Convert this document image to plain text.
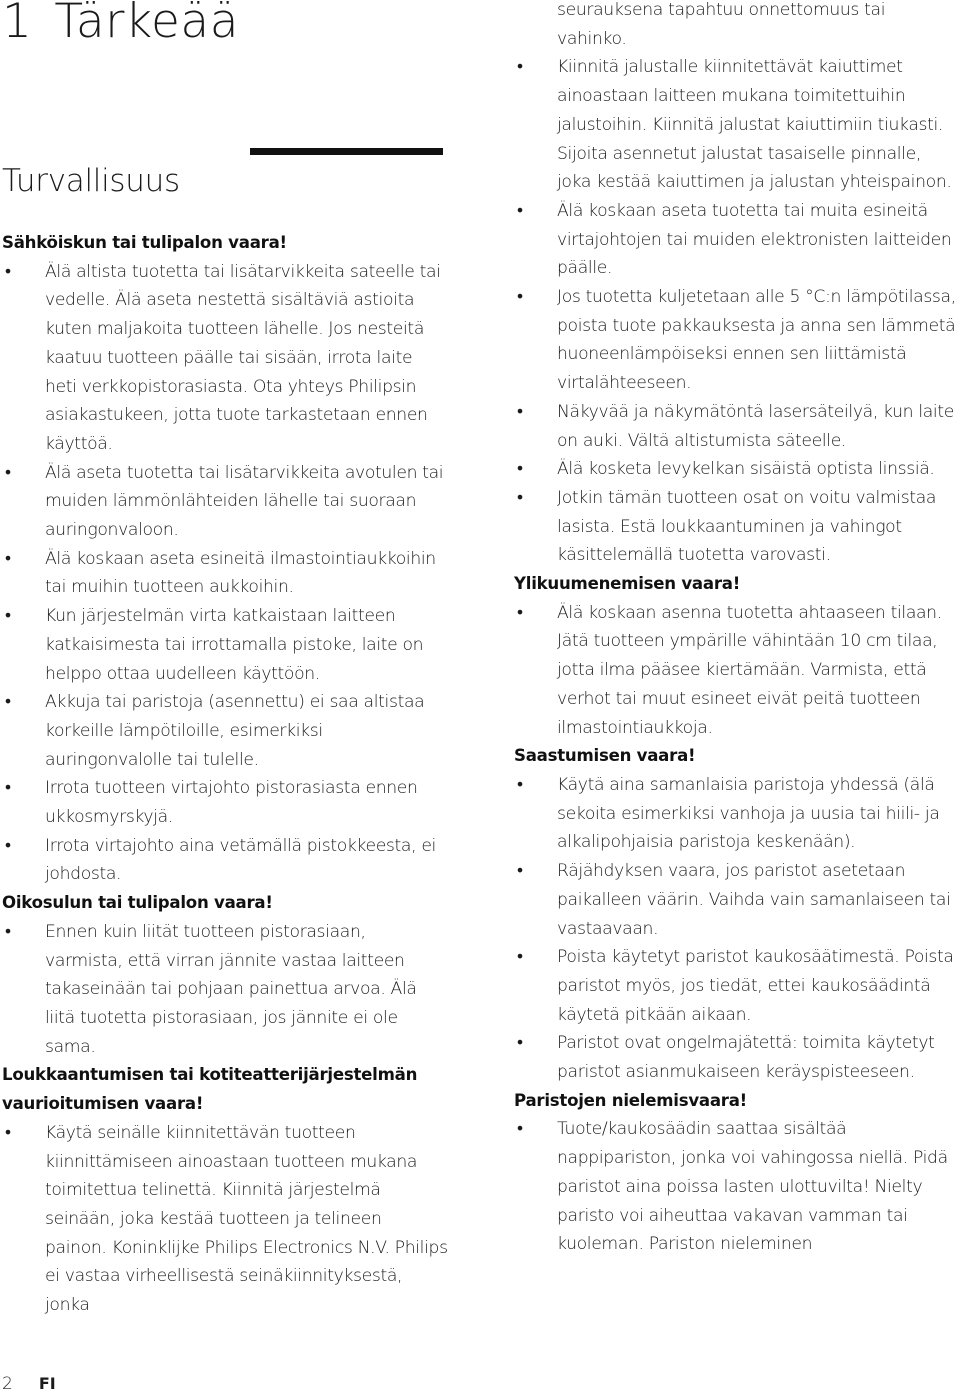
1 Tärkeää
Turvallisuus

Sähköiskun tai tulipalon vaara!

• Älä altista tuotetta tai lisätarvikkeita sateelle tai vedelle. Älä aseta nestettä sisältäviä astioita kuten maljakoita tuotteen lähelle. Jos nesteitä kaatuu tuotteen päälle tai sisään, irrota laite heti verkkopistorasiasta. Ota yhteys Philipsin asiakastukeen, jotta tuote tarkastetaan ennen käyttöä.
• Älä aseta tuotetta tai lisätarvikkeita avotulen tai muiden lämmönlähteiden lähelle tai suoraan auringonvaloon.
• Älä koskaan aseta esineitä ilmastointiaukkoihin tai muihin tuotteen aukkoihin.
• Kun järjestelmän virta katkaistaan laitteen katkaisimesta tai irrottamalla pistoke, laite on helppo ottaa uudelleen käyttöön.
• Akkuja tai paristoja (asennettu) ei saa altistaa korkeille lämpötiloille, esimerkiksi auringonvalolle tai tulelle.
• Irrota tuotteen virtajohto pistorasiasta ennen ukkosmyrskyjä.
• Irrota virtajohto aina vetämällä pistokkeesta, ei johdosta.

Oikosulun tai tulipalon vaara!

• Ennen kuin liität tuotteen pistorasiaan, varmista, että virran jännite vastaa laitteen takaseinään tai pohjaan painettua arvoa. Älä liitä tuotetta pistorasiaan, jos jännite ei ole sama.

Loukkaantumisen tai kotiteatterijärjestelmän vaurioitumisen vaara!

• Käytä seinälle kiinnitettävän tuotteen kiinnittämiseen ainoastaan tuotteen mukana toimitettua telinettä. Kiinnitä järjestelmä seinään, joka kestää tuotteen ja telineen painon. Koninklijke Philips Electronics N.V. Philips ei vastaa virheellisestä seinäkiinnityksestä, jonka

seurauksena tapahtuu onnettomuus tai vahinko.

• Kiinnitä jalustalle kiinnitettävät kaiuttimet ainoastaan laitteen mukana toimitettuihin jalustoihin. Kiinnitä jalustat kaiuttimiin tiukasti. Sijoita asennetut jalustat tasaiselle pinnalle, joka kestää kaiuttimen ja jalustan yhteispainon.
• Älä koskaan aseta tuotetta tai muita esineitä virtajohtojen tai muiden elektronisten laitteiden päälle.
• Jos tuotetta kuljetetaan alle 5 °C:n lämpötilassa, poista tuote pakkauksesta ja anna sen lämmetä huoneenlämpöiseksi ennen sen liittämistä virtalähteeseen.
• Näkyvää ja näkymätöntä lasersäteilyä, kun laite on auki. Vältä altistumista säteelle.
• Älä kosketa levykelkan sisäistä optista linssiä.
• Jotkin tämän tuotteen osat on voitu valmistaa lasista. Estä loukkaantuminen ja vahingot käsittelemällä tuotetta varovasti.

Ylikuumenemisen vaara!

• Älä koskaan asenna tuotetta ahtaaseen tilaan. Jätä tuotteen ympärille vähintään 10 cm tilaa, jotta ilma pääsee kiertämään. Varmista, että verhot tai muut esineet eivät peitä tuotteen ilmastointiaukkoja.

Saastumisen vaara!

• Käytä aina samanlaisia paristoja yhdessä (älä sekoita esimerkiksi vanhoja ja uusia tai hiili- ja alkalipohjaisia paristoja keskenään).
• Räjähdyksen vaara, jos paristot asetetaan paikalleen väärin. Vaihda vain samanlaiseen tai vastaavaan.
• Poista käytetyt paristot kaukosäätimestä. Poista paristot myös, jos tiedät, ettei kaukosäädintä käytetä pitkään aikaan.
• Paristot ovat ongelmajätettä: toimita käytetyt paristot asianmukaiseen keräyspisteeseen.

Paristojen nielemisvaara!

• Tuote/kaukosäädin saattaa sisältää nappipariston, jonka voi vahingossa niellä. Pidä paristot aina poissa lasten ulottuvilta! Nielty paristo voi aiheuttaa vakavan vamman tai kuoleman. Pariston nieleminen
2 FI
